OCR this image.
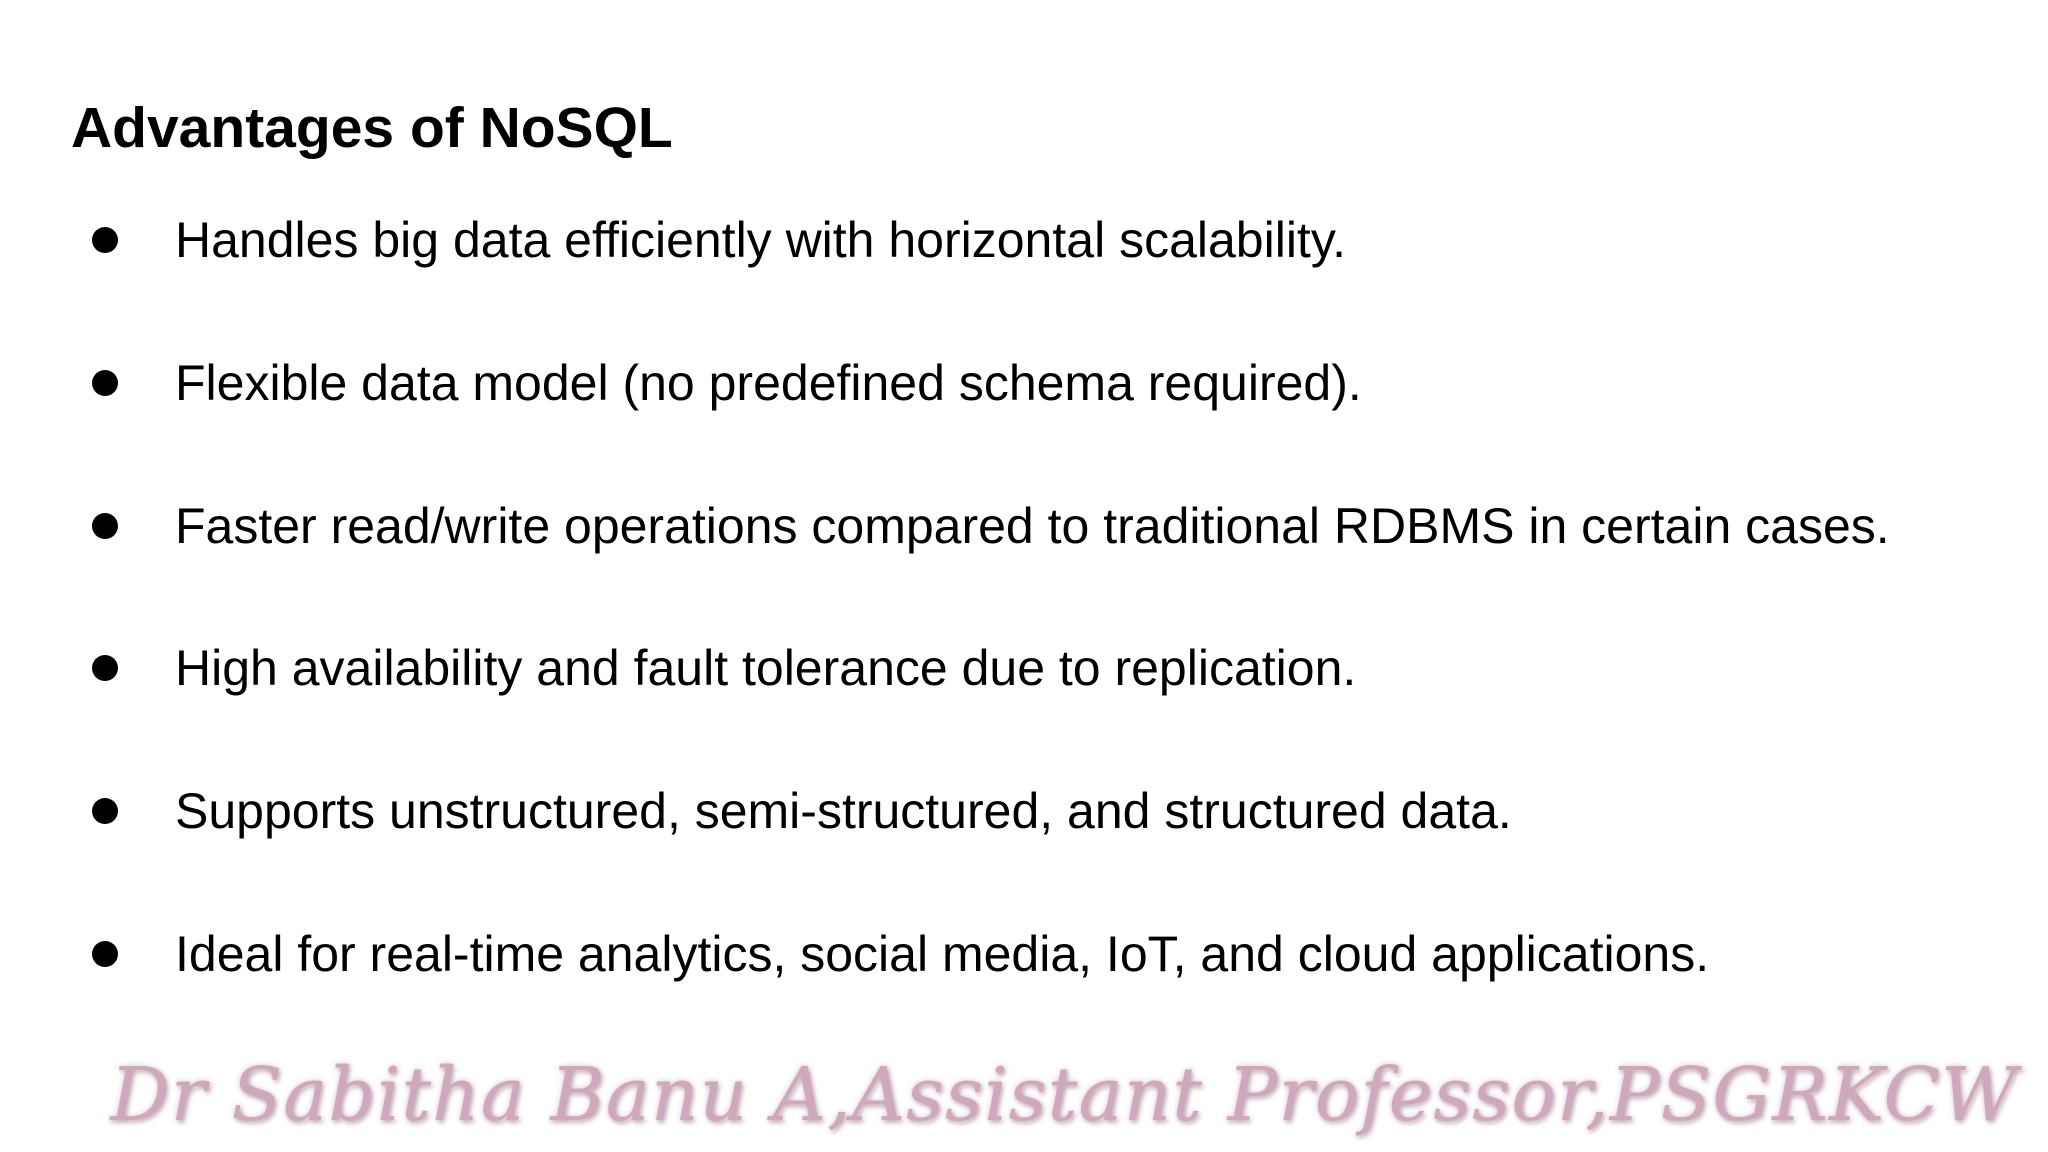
Advantages of NoSQL
Handles big data efficiently with horizontal scalability.
Flexible data model (no predefined schema required).
Faster read/write operations compared to traditional RDBMS in certain cases.
High availability and fault tolerance due to replication.
Supports unstructured, semi-structured, and structured data.
Ideal for real-time analytics, social media, IoT, and cloud applications.
Dr Sabitha Banu A,Assistant Professor,PSGRKCW
